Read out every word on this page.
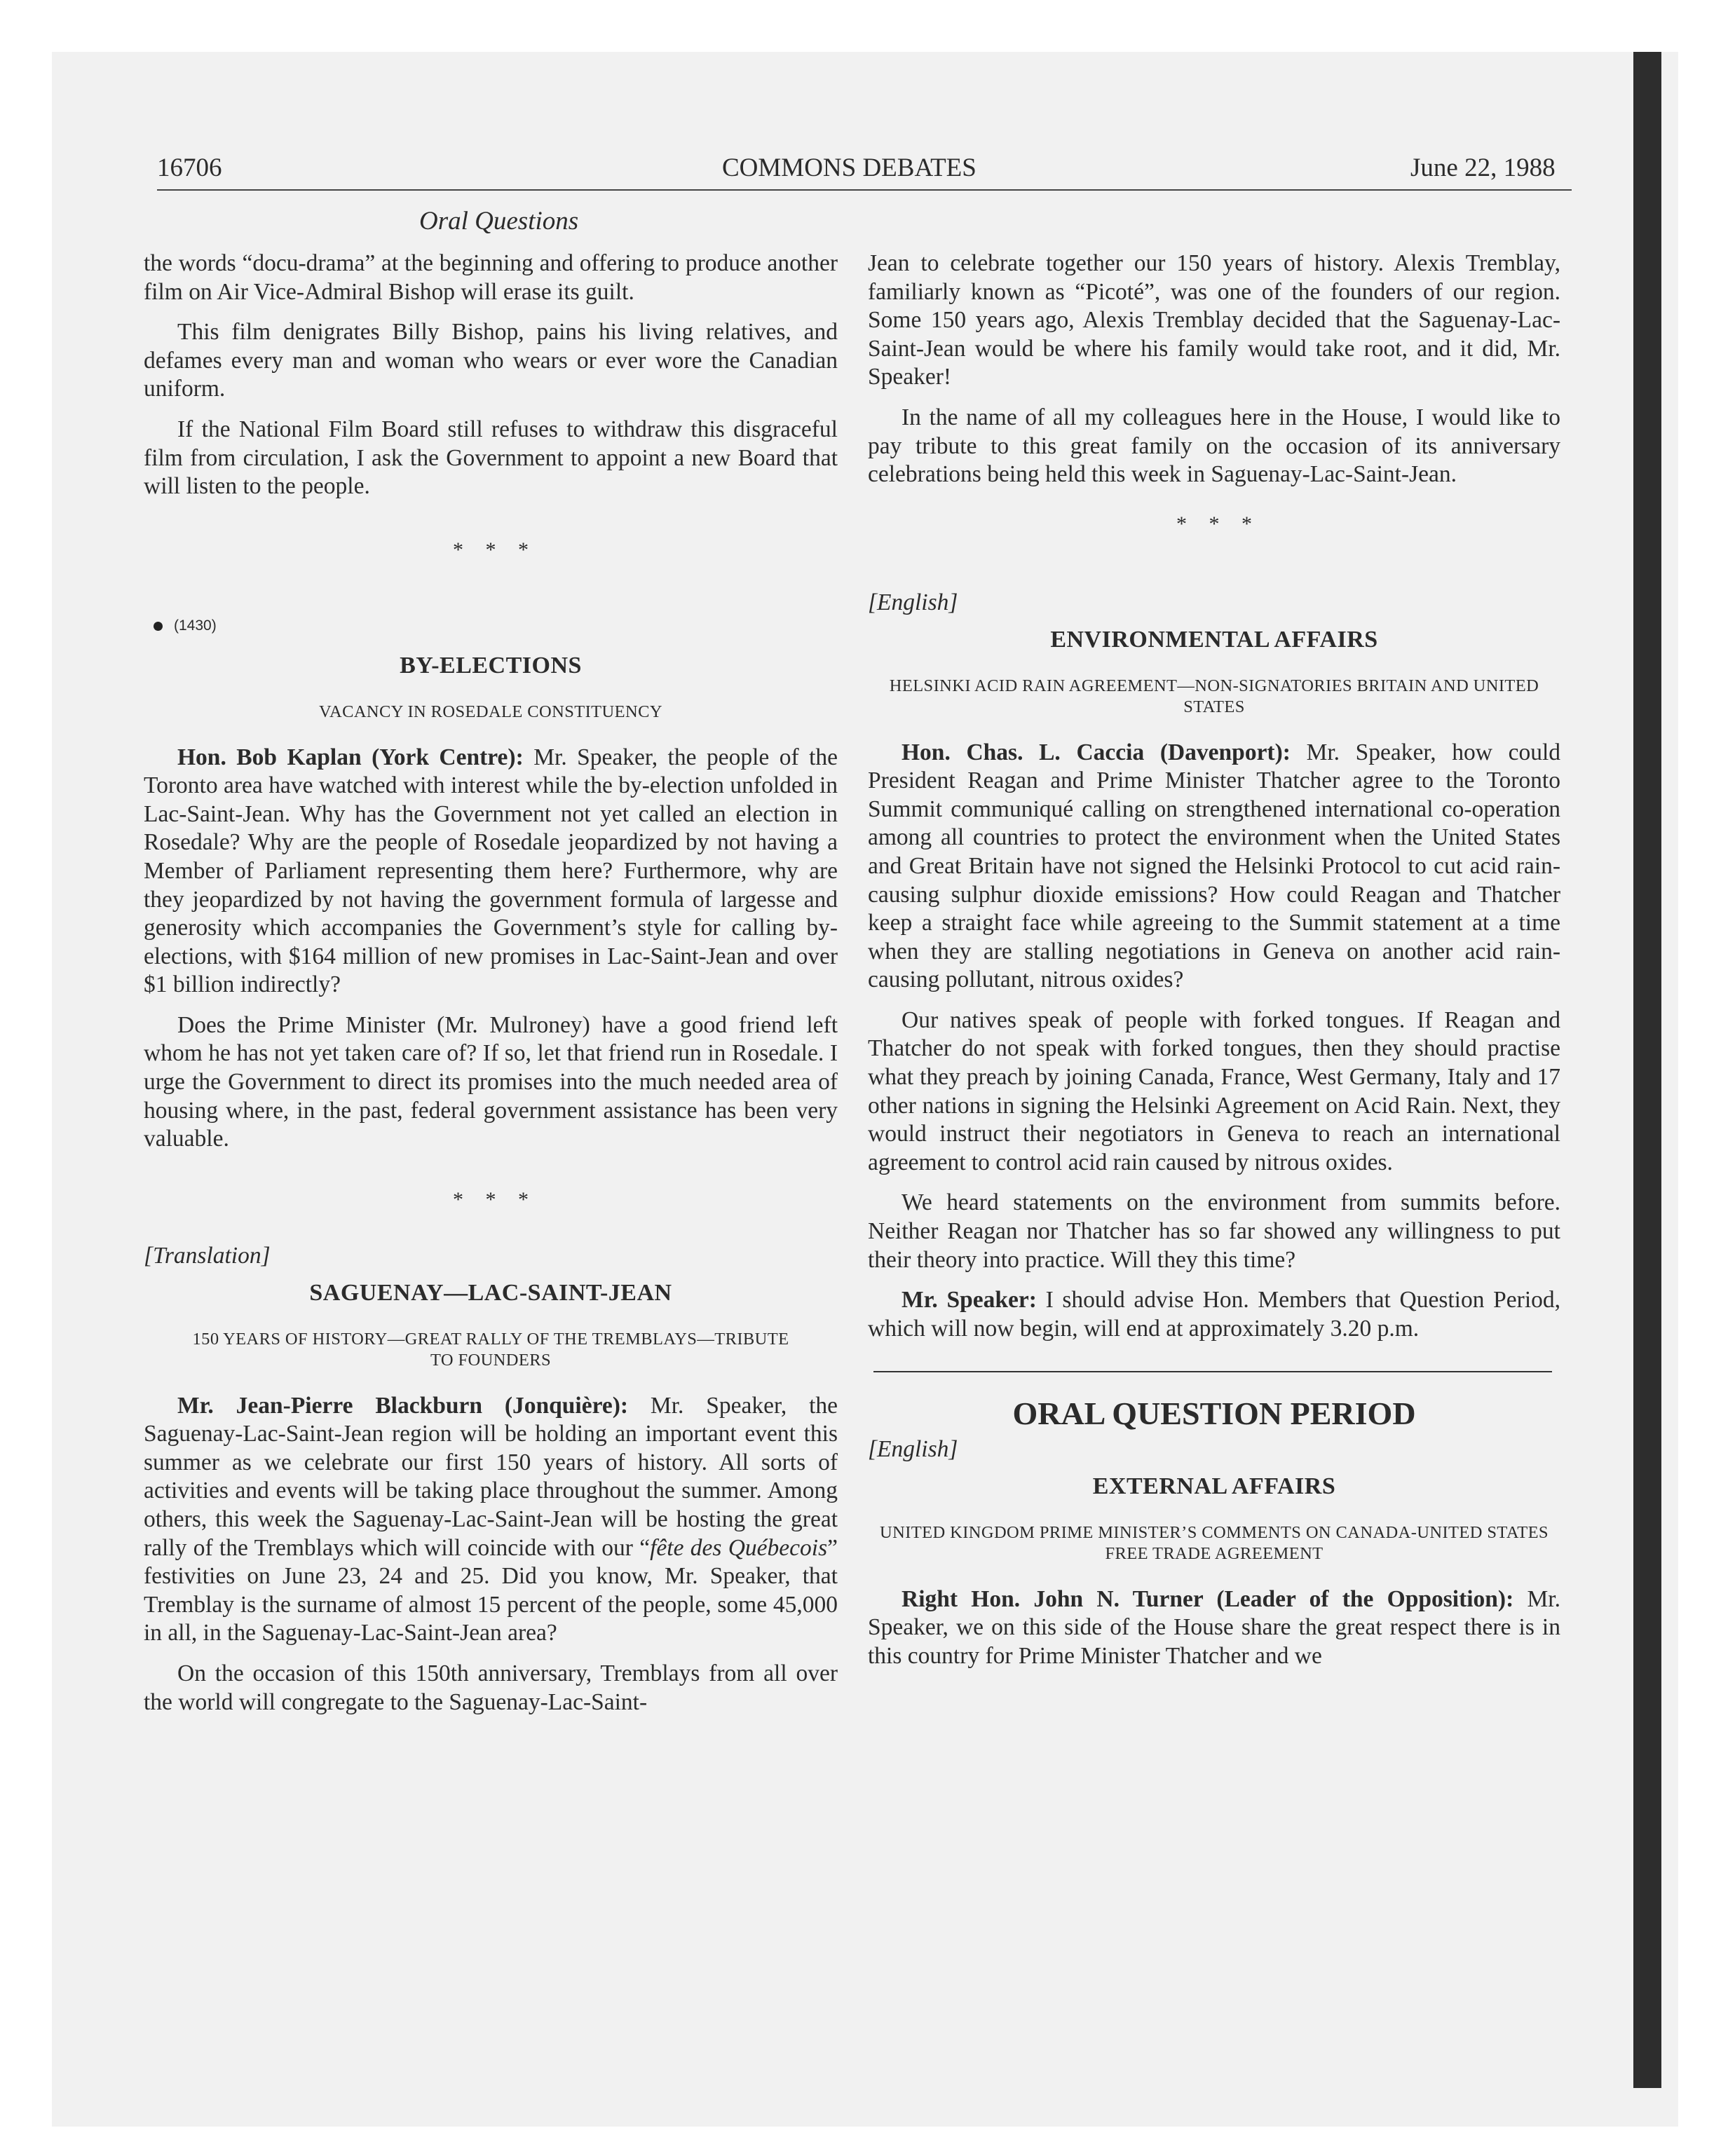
16706	COMMONS DEBATES	June 22, 1988
Oral Questions

the words “docu-drama” at the beginning and offering to produce another film on Air Vice-Admiral Bishop will erase its guilt.

This film denigrates Billy Bishop, pains his living relatives, and defames every man and woman who wears or ever wore the Canadian uniform.

If the National Film Board still refuses to withdraw this disgraceful film from circulation, I ask the Government to appoint a new Board that will listen to the people.

* * *
(1430)
BY-ELECTIONS
VACANCY IN ROSEDALE CONSTITUENCY

Hon. Bob Kaplan (York Centre): Mr. Speaker, the people of the Toronto area have watched with interest while the by-election unfolded in Lac-Saint-Jean. Why has the Government not yet called an election in Rosedale? Why are the people of Rosedale jeopardized by not having a Member of Parliament representing them here? Furthermore, why are they jeopardized by not having the government formula of largesse and generosity which accompanies the Government’s style for calling by-elections, with $164 million of new promises in Lac-Saint-Jean and over $1 billion indirectly?

Does the Prime Minister (Mr. Mulroney) have a good friend left whom he has not yet taken care of? If so, let that friend run in Rosedale. I urge the Government to direct its promises into the much needed area of housing where, in the past, federal government assistance has been very valuable.

* * *
[Translation]
SAGUENAY—LAC-SAINT-JEAN
150 YEARS OF HISTORY—GREAT RALLY OF THE TREMBLAYS—TRIBUTE TO FOUNDERS

Mr. Jean-Pierre Blackburn (Jonquière): Mr. Speaker, the Saguenay-Lac-Saint-Jean region will be holding an important event this summer as we celebrate our first 150 years of history. All sorts of activities and events will be taking place throughout the summer. Among others, this week the Saguenay-Lac-Saint-Jean will be hosting the great rally of the Tremblays which will coincide with our “fête des Québecois” festivities on June 23, 24 and 25. Did you know, Mr. Speaker, that Tremblay is the surname of almost 15 percent of the people, some 45,000 in all, in the Saguenay-Lac-Saint-Jean area?

On the occasion of this 150th anniversary, Tremblays from all over the world will congregate to the Saguenay-Lac-Saint-

Jean to celebrate together our 150 years of history. Alexis Tremblay, familiarly known as “Picoté”, was one of the founders of our region. Some 150 years ago, Alexis Tremblay decided that the Saguenay-Lac-Saint-Jean would be where his family would take root, and it did, Mr. Speaker!

In the name of all my colleagues here in the House, I would like to pay tribute to this great family on the occasion of its anniversary celebrations being held this week in Saguenay-Lac-Saint-Jean.

* * *
[English]
ENVIRONMENTAL AFFAIRS
HELSINKI ACID RAIN AGREEMENT—NON-SIGNATORIES BRITAIN AND UNITED STATES

Hon. Chas. L. Caccia (Davenport): Mr. Speaker, how could President Reagan and Prime Minister Thatcher agree to the Toronto Summit communiqué calling on strengthened international co-operation among all countries to protect the environment when the United States and Great Britain have not signed the Helsinki Protocol to cut acid rain-causing sulphur dioxide emissions? How could Reagan and Thatcher keep a straight face while agreeing to the Summit statement at a time when they are stalling negotiations in Geneva on another acid rain-causing pollutant, nitrous oxides?

Our natives speak of people with forked tongues. If Reagan and Thatcher do not speak with forked tongues, then they should practise what they preach by joining Canada, France, West Germany, Italy and 17 other nations in signing the Helsinki Agreement on Acid Rain. Next, they would instruct their negotiators in Geneva to reach an international agreement to control acid rain caused by nitrous oxides.

We heard statements on the environment from summits before. Neither Reagan nor Thatcher has so far showed any willingness to put their theory into practice. Will they this time?

Mr. Speaker: I should advise Hon. Members that Question Period, which will now begin, will end at approximately 3.20 p.m.

ORAL QUESTION PERIOD
[English]
EXTERNAL AFFAIRS
UNITED KINGDOM PRIME MINISTER’S COMMENTS ON CANADA-UNITED STATES FREE TRADE AGREEMENT

Right Hon. John N. Turner (Leader of the Opposition): Mr. Speaker, we on this side of the House share the great respect there is in this country for Prime Minister Thatcher and we
